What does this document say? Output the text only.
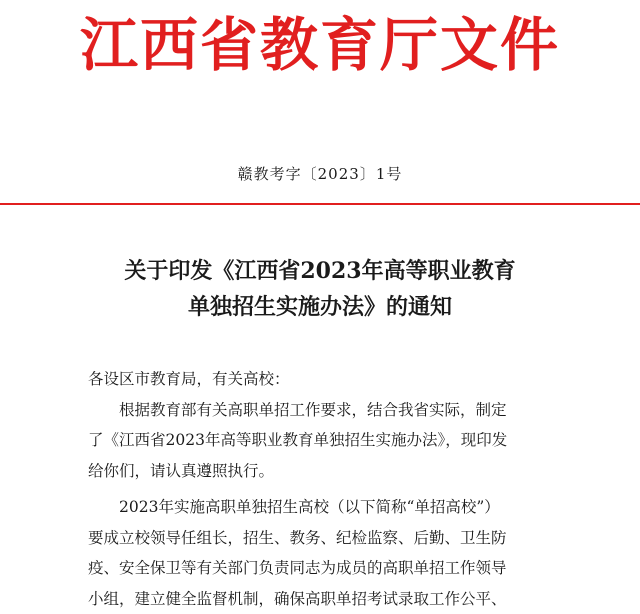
江西省教育厅文件
赣教考字〔2023〕1号
关于印发《江西省2023年高等职业教育
单独招生实施办法》的通知

各设区市教育局，有关高校：

根据教育部有关高职单招工作要求，结合我省实际，制定

了《江西省2023年高等职业教育单独招生实施办法》，现印发

给你们，请认真遵照执行。

2023年实施高职单独招生高校（以下简称“单招高校”）

要成立校领导任组长，招生、教务、纪检监察、后勤、卫生防

疫、安全保卫等有关部门负责同志为成员的高职单招工作领导

小组，建立健全监督机制，确保高职单招考试录取工作公平、
